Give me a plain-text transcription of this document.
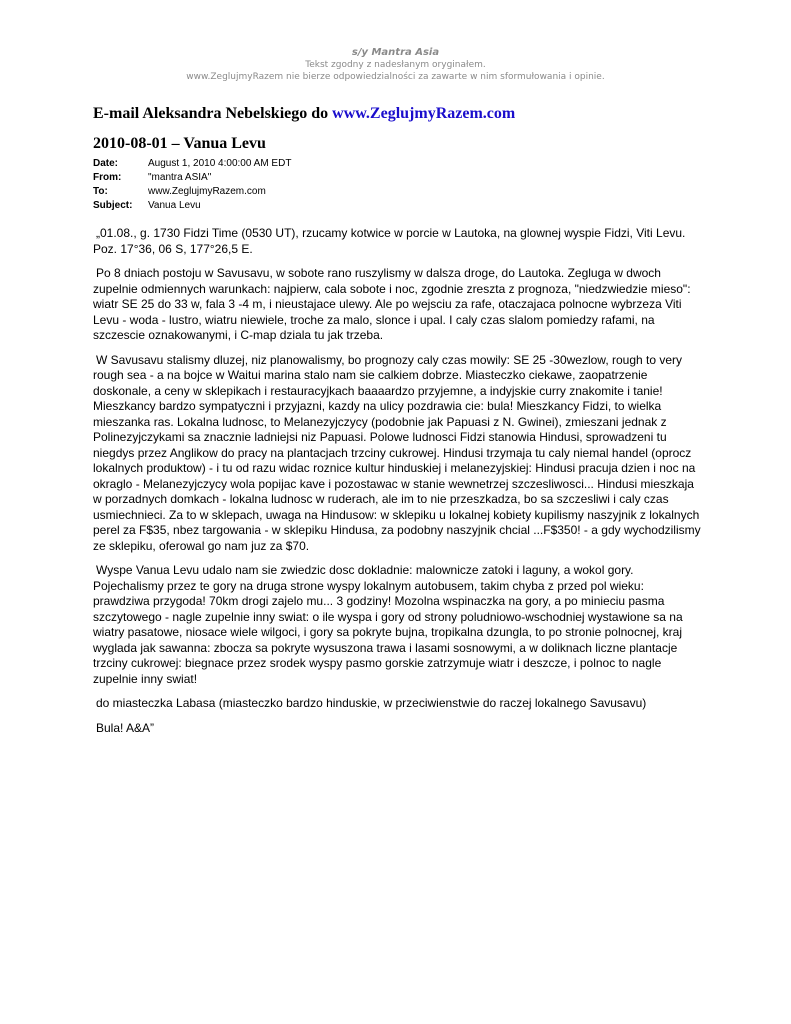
s/y Mantra Asia
Tekst zgodny z nadesłanym oryginałem.
www.ZeglujmyRazem nie bierze odpowiedzialności za zawarte w nim sformułowania i opinie.
E-mail Aleksandra Nebelskiego do www.ZeglujmyRazem.com
2010-08-01 – Vanua Levu
Date:	August 1, 2010 4:00:00 AM EDT
From:	"mantra ASIA"
To:	www.ZeglujmyRazem.com
Subject: Vanua Levu

„01.08., g. 1730 Fidzi Time (0530 UT), rzucamy kotwice w porcie w Lautoka, na glownej wyspie Fidzi, Viti Levu. Poz. 17°36, 06 S, 177°26,5 E.

Po 8 dniach postoju w Savusavu, w sobote rano ruszylismy w dalsza droge, do Lautoka. Zegluga w dwoch zupelnie odmiennych warunkach: najpierw, cala sobote i noc, zgodnie zreszta z prognoza, "niedzwiedzie mieso": wiatr SE 25 do 33 w, fala 3 -4 m, i nieustajace ulewy. Ale po wejsciu za rafe, otaczajaca polnocne wybrzeza Viti Levu - woda - lustro, wiatru niewiele, troche za malo, slonce i upal. I caly czas slalom pomiedzy rafami, na szczescie oznakowanymi, i C-map dziala tu jak trzeba.

W Savusavu stalismy dluzej, niz planowalismy, bo prognozy caly czas mowily: SE 25 -30wezlow, rough to very rough sea - a na bojce w Waitui marina stalo nam sie calkiem dobrze. Miasteczko ciekawe, zaopatrzenie doskonale, a ceny w sklepikach i restauracyjkach baaaardzo przyjemne, a indyjskie curry znakomite i tanie! Mieszkancy bardzo sympatyczni i przyjazni, kazdy na ulicy pozdrawia cie: bula! Mieszkancy Fidzi, to wielka mieszanka ras. Lokalna ludnosc, to Melanezyjczycy (podobnie jak Papuasi z N. Gwinei), zmieszani jednak z Polinezyjczykami sa znacznie ladniejsi niz Papuasi. Polowe ludnosci Fidzi stanowia Hindusi, sprowadzeni tu niegdys przez Anglikow do pracy na plantacjach trzciny cukrowej. Hindusi trzymaja tu caly niemal handel (oprocz lokalnych produktow) - i tu od razu widac roznice kultur hinduskiej i melanezyjskiej: Hindusi pracuja dzien i noc na okraglo - Melanezyjczycy wola popijac kave i pozostawac w stanie wewnetrzej szczesliwosci... Hindusi mieszkaja w porzadnych domkach - lokalna ludnosc w ruderach, ale im to nie przeszkadza, bo sa szczesliwi i caly czas usmiechnieci. Za to w sklepach, uwaga na Hindusow: w sklepiku u lokalnej kobiety kupilismy naszyjnik z lokalnych perel za F$35, nbez targowania - w sklepiku Hindusa, za podobny naszyjnik chcial ...F$350! - a gdy wychodzilismy ze sklepiku, oferowal go nam juz za $70.

Wyspe Vanua Levu udalo nam sie zwiedzic dosc dokladnie: malownicze zatoki i laguny, a wokol gory. Pojechalismy przez te gory na druga strone wyspy lokalnym autobusem, takim chyba z przed pol wieku: prawdziwa przygoda! 70km drogi zajelo mu... 3 godziny! Mozolna wspinaczka na gory, a po minieciu pasma szczytowego - nagle zupelnie inny swiat: o ile wyspa i gory od strony poludniowo-wschodniej wystawione sa na wiatry pasatowe, niosace wiele wilgoci, i gory sa pokryte bujna, tropikalna dzungla, to po stronie polnocnej, kraj wyglada jak sawanna: zbocza sa pokryte wysuszona trawa i lasami sosnowymi, a w doliknach liczne plantacje trzciny cukrowej: biegnace przez srodek wyspy pasmo gorskie zatrzymuje wiatr i deszcze, i polnoc to nagle zupelnie inny swiat!

do miasteczka Labasa (miasteczko bardzo hinduskie, w przeciwienstwie do raczej lokalnego Savusavu)

Bula! A&A”
